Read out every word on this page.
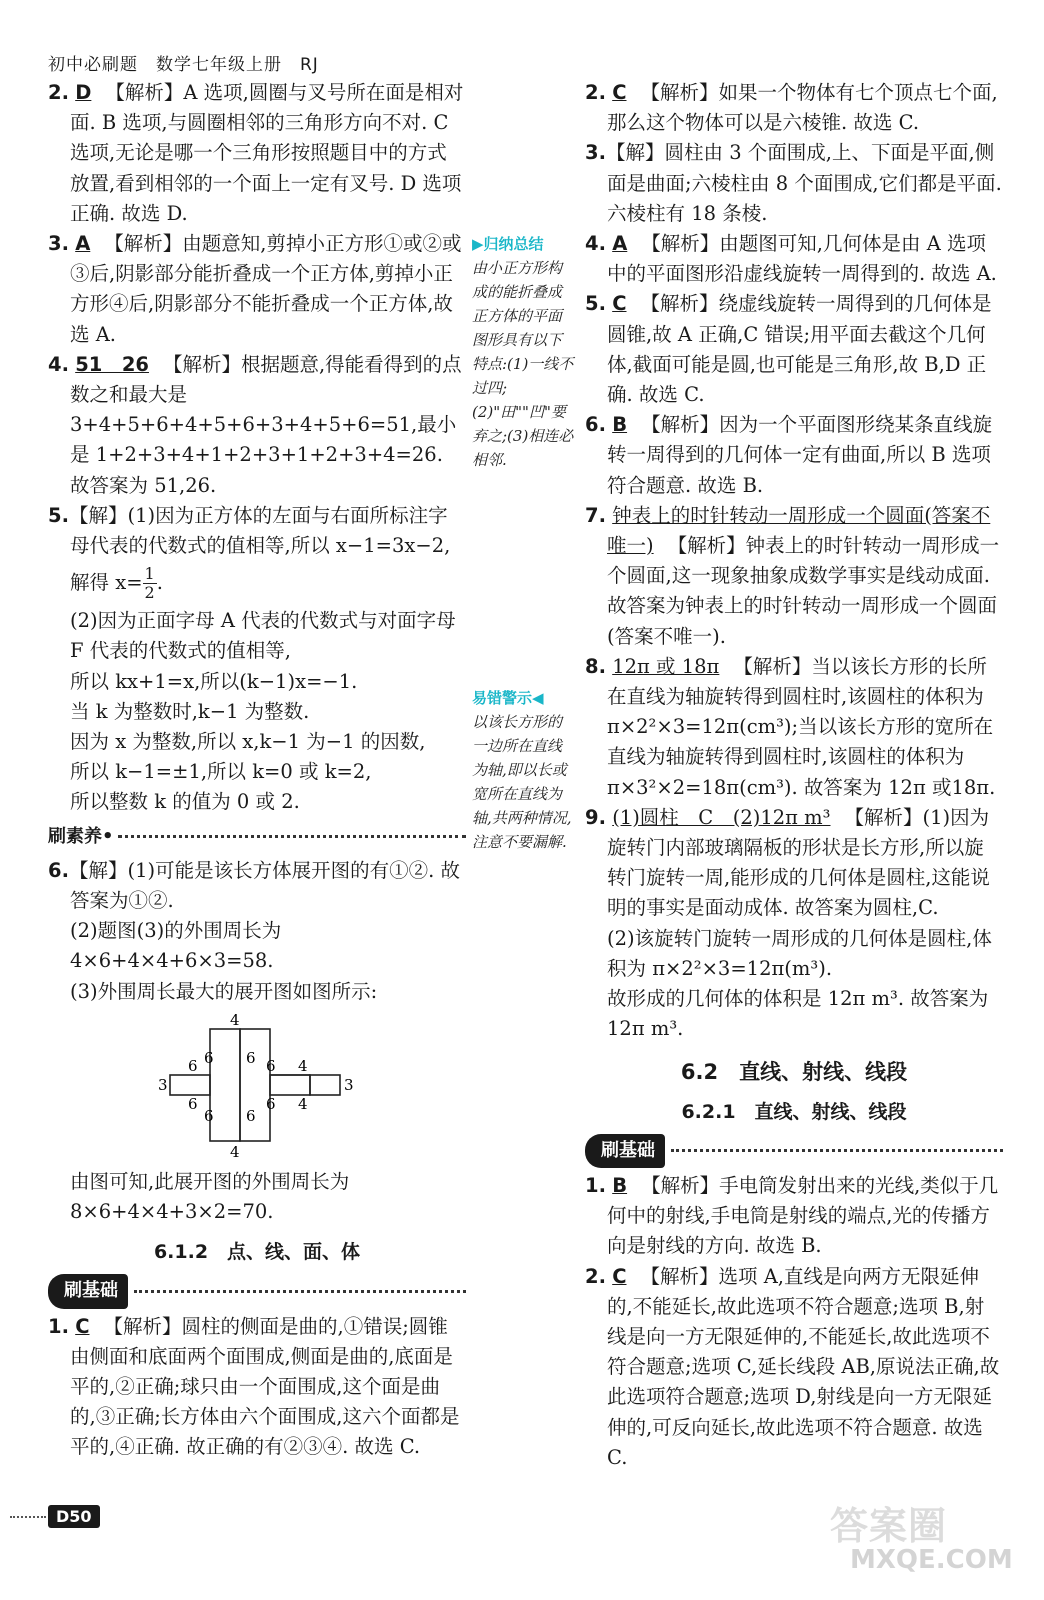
初中必刷题　数学七年级上册　RJ

2. D 【解析】A 选项,圆圈与叉号所在面是相对面. B 选项,与圆圈相邻的三角形方向不对. C 选项,无论是哪一个三角形按照题目中的方式放置,看到相邻的一个面上一定有叉号. D 选项正确. 故选 D.

3. A 【解析】由题意知,剪掉小正方形①或②或③后,阴影部分能折叠成一个正方体,剪掉小正方形④后,阴影部分不能折叠成一个正方体,故选 A.

4. 51　26 【解析】根据题意,得能看得到的点数之和最大是 3+4+5+6+4+5+6+3+4+5+6=51,最小是 1+2+3+4+1+2+3+1+2+3+4=26. 故答案为 51,26.

5.【解】(1)因为正方体的左面与右面所标注字母代表的代数式的值相等,所以 x−1=3x−2,
解得 $x= \frac{1}{2}$ .
(2)因为正面字母 A 代表的代数式与对面字母 F 代表的代数式的值相等,
所以 kx+1=x,所以(k−1)x=−1.
当 k 为整数时,k−1 为整数.
因为 x 为整数,所以 x,k−1 为−1 的因数,
所以 k−1=±1,所以 k=0 或 k=2,
所以整数 k 的值为 0 或 2.
刷素养•
6.【解】(1)可能是该长方体展开图的有①②. 故答案为①②.
(2)题图(3)的外围周长为 4×6+4×4+6×3=58.
(3)外围周长最大的展开图如图所示:
4
4
6 6 6 6 4
3	3
6
6 6
6 4
由图可知,此展开图的外围周长为 8×6+4×4+3×2=70.
6.1.2　点、线、面、体
刷基础

1. C 【解析】圆柱的侧面是曲的,①错误;圆锥由侧面和底面两个面围成,侧面是曲的,底面是平的,②正确;球只由一个面围成,这个面是曲的,③正确;长方体由六个面围成,这六个面都是平的,④正确. 故正确的有②③④. 故选 C.

▶归纳总结
由小正方形构成的能折叠成正方体的平面图形具有以下特点:(1)一线不过四;(2)"田""凹"要弃之;(3)相连必相邻.
易错警示◀
以该长方形的一边所在直线为轴,即以长或宽所在直线为轴,共两种情况,注意不要漏解.

2. C 【解析】如果一个物体有七个顶点七个面,那么这个物体可以是六棱锥. 故选 C.

3.【解】圆柱由 3 个面围成,上、下面是平面,侧面是曲面;六棱柱由 8 个面围成,它们都是平面. 六棱柱有 18 条棱.

4. A 【解析】由题图可知,几何体是由 A 选项中的平面图形沿虚线旋转一周得到的. 故选 A.

5. C 【解析】绕虚线旋转一周得到的几何体是圆锥,故 A 正确,C 错误;用平面去截这个几何体,截面可能是圆,也可能是三角形,故 B,D 正确. 故选 C.

6. B 【解析】因为一个平面图形绕某条直线旋转一周得到的几何体一定有曲面,所以 B 选项符合题意. 故选 B.

7. 钟表上的时针转动一周形成一个圆面(答案不唯一) 【解析】钟表上的时针转动一周形成一个圆面,这一现象抽象成数学事实是线动成面. 故答案为钟表上的时针转动一周形成一个圆面(答案不唯一).

8. 12π 或 18π 【解析】当以该长方形的长所在直线为轴旋转得到圆柱时,该圆柱的体积为 π×2²×3=12π(cm³);当以该长方形的宽所在直线为轴旋转得到圆柱时,该圆柱的体积为 π×3²×2=18π(cm³). 故答案为 12π 或18π.

9. (1)圆柱　C　(2)12π m³ 【解析】(1)因为旋转门内部玻璃隔板的形状是长方形,所以旋转门旋转一周,能形成的几何体是圆柱,这能说明的事实是面动成体. 故答案为圆柱,C.
(2)该旋转门旋转一周形成的几何体是圆柱,体积为 π×2²×3=12π(m³).
故形成的几何体的体积是 12π m³. 故答案为 12π m³.
6.2　直线、射线、线段
6.2.1　直线、射线、线段
刷基础

1. B 【解析】手电筒发射出来的光线,类似于几何中的射线,手电筒是射线的端点,光的传播方向是射线的方向. 故选 B.

2. C 【解析】选项 A,直线是向两方无限延伸的,不能延长,故此选项不符合题意;选项 B,射线是向一方无限延伸的,不能延长,故此选项不符合题意;选项 C,延长线段 AB,原说法正确,故此选项符合题意;选项 D,射线是向一方无限延伸的,可反向延长,故此选项不符合题意. 故选 C.

D50	答案圈
MXQE.COM
